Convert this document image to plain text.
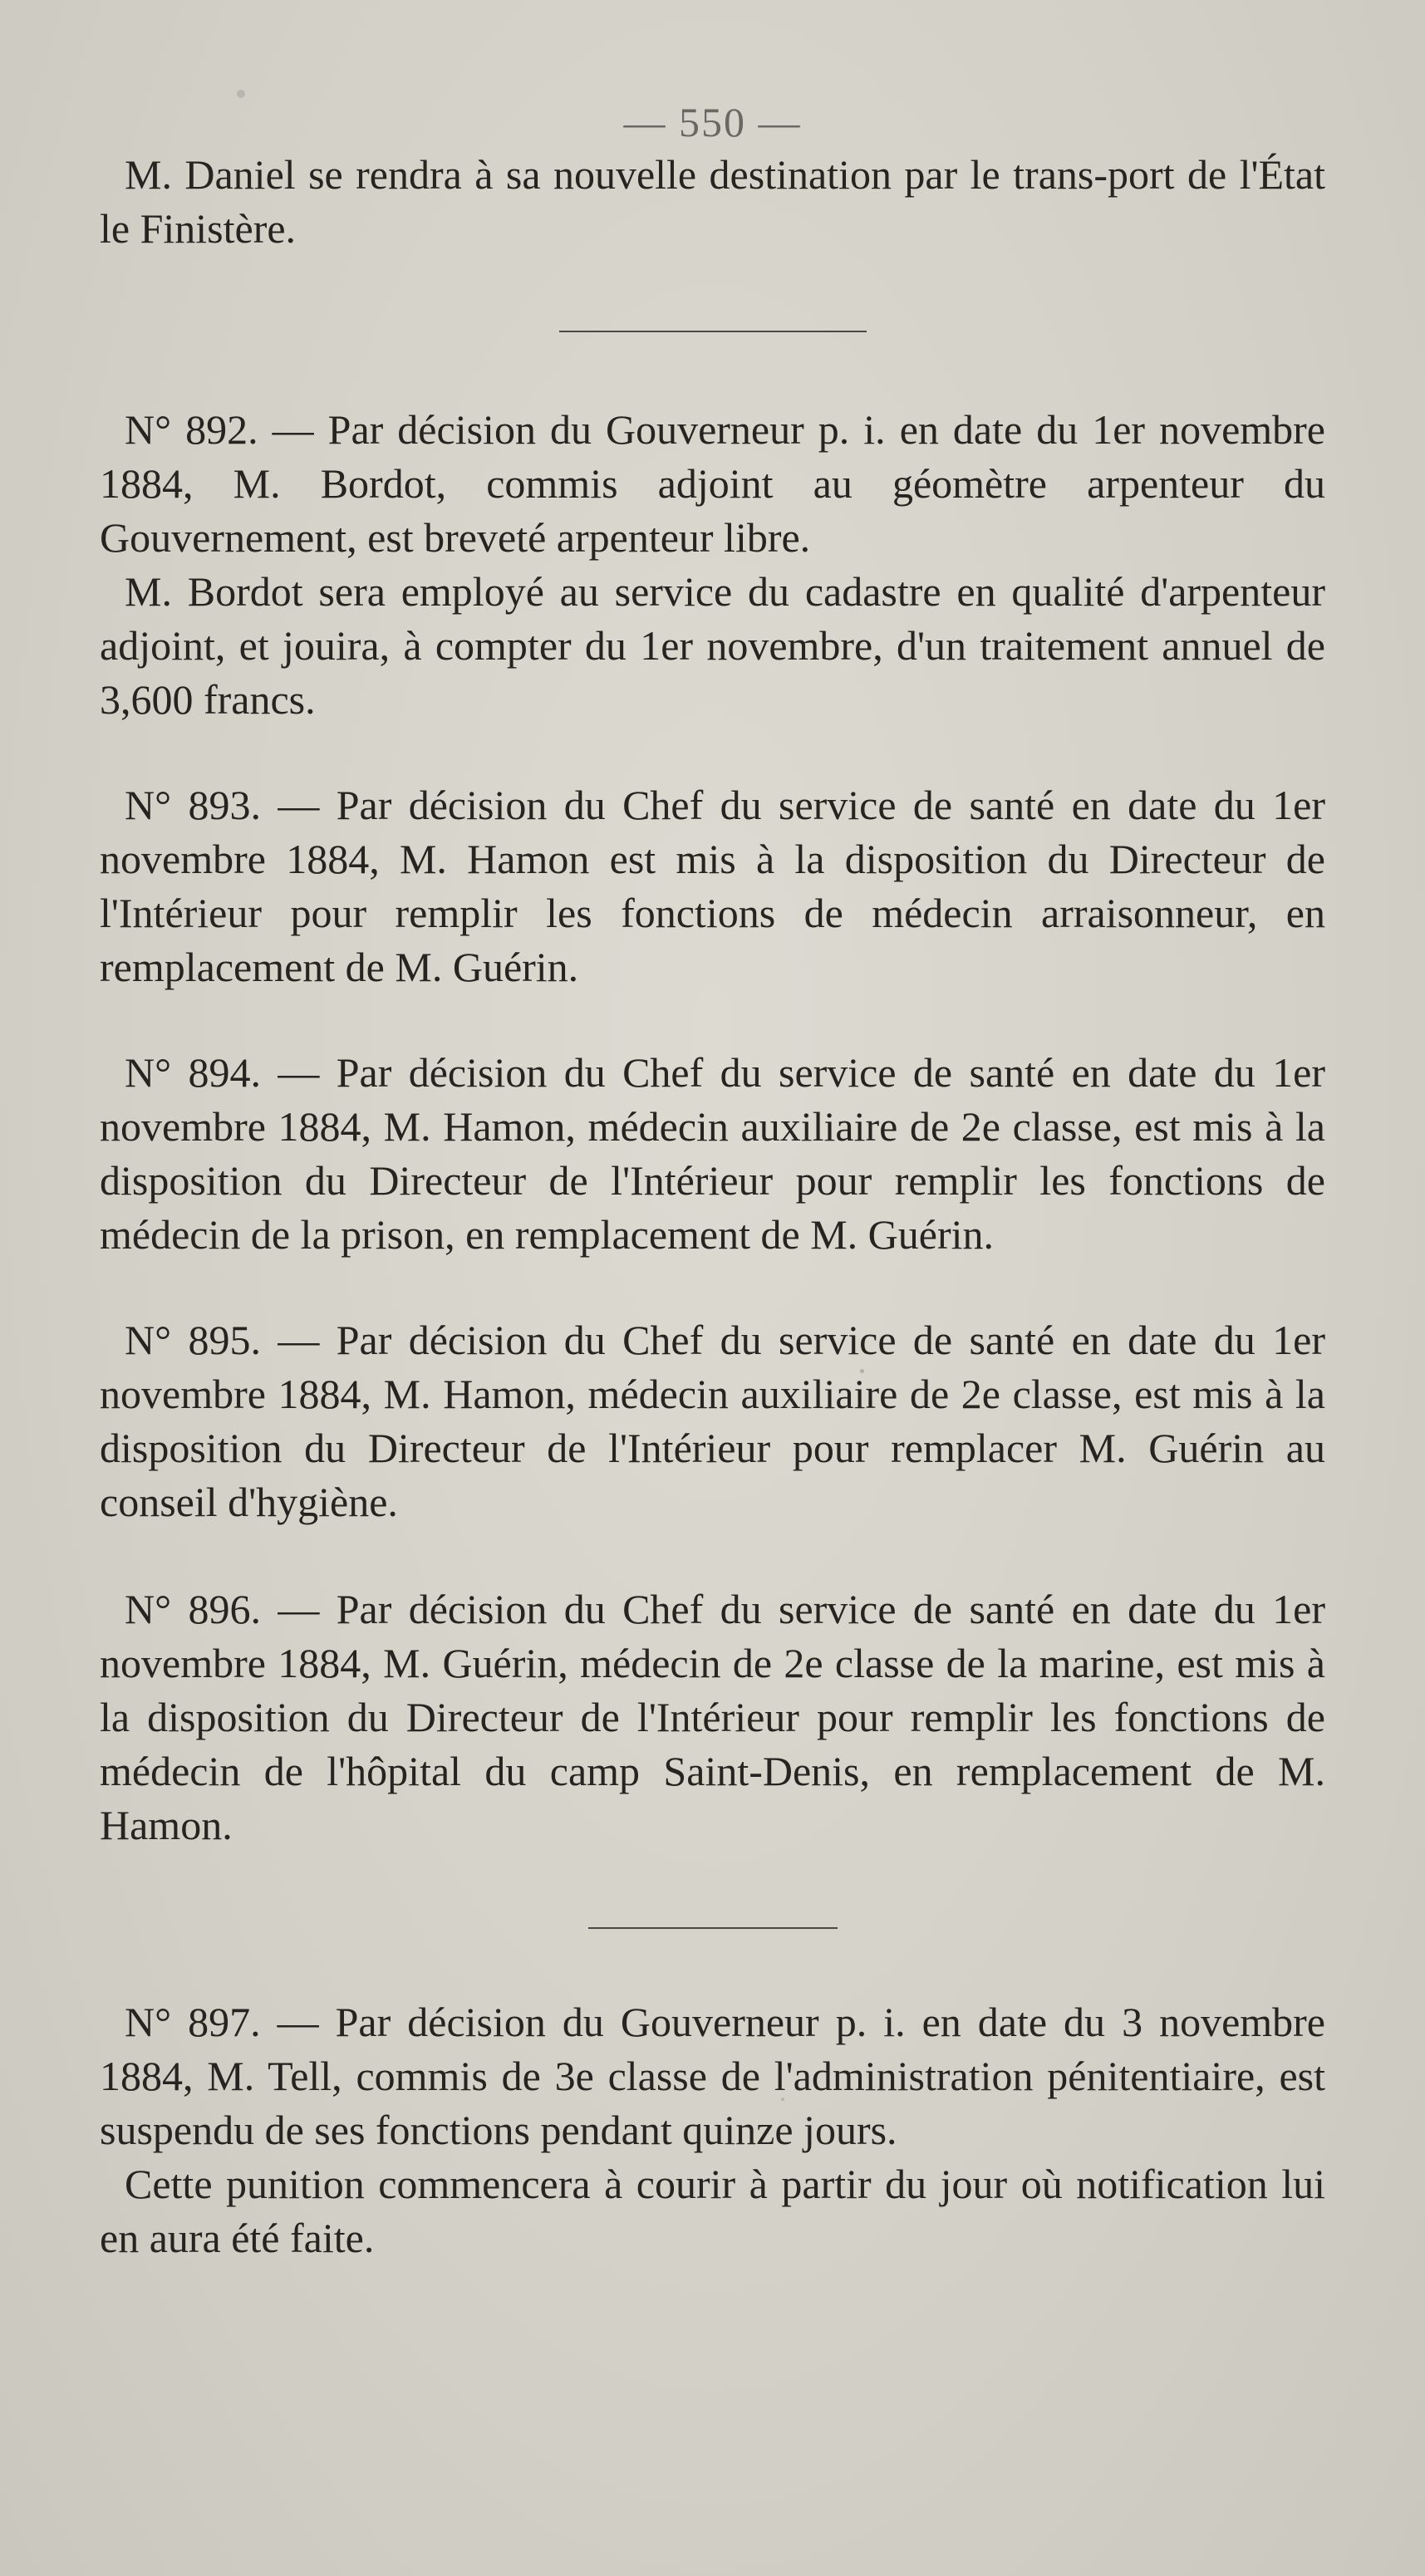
— 550 —

M. Daniel se rendra à sa nouvelle destination par le trans-port de l'État le Finistère.

N° 892. — Par décision du Gouverneur p. i. en date du 1er novembre 1884, M. Bordot, commis adjoint au géomètre arpenteur du Gouvernement, est breveté arpenteur libre.

M. Bordot sera employé au service du cadastre en qualité d'arpenteur adjoint, et jouira, à compter du 1er novembre, d'un traitement annuel de 3,600 francs.

N° 893. — Par décision du Chef du service de santé en date du 1er novembre 1884, M. Hamon est mis à la disposition du Directeur de l'Intérieur pour remplir les fonctions de médecin arraisonneur, en remplacement de M. Guérin.

N° 894. — Par décision du Chef du service de santé en date du 1er novembre 1884, M. Hamon, médecin auxiliaire de 2e classe, est mis à la disposition du Directeur de l'Intérieur pour remplir les fonctions de médecin de la prison, en remplacement de M. Guérin.

N° 895. — Par décision du Chef du service de santé en date du 1er novembre 1884, M. Hamon, médecin auxiliaire de 2e classe, est mis à la disposition du Directeur de l'Intérieur pour remplacer M. Guérin au conseil d'hygiène.

N° 896. — Par décision du Chef du service de santé en date du 1er novembre 1884, M. Guérin, médecin de 2e classe de la marine, est mis à la disposition du Directeur de l'Intérieur pour remplir les fonctions de médecin de l'hôpital du camp Saint-Denis, en remplacement de M. Hamon.

N° 897. — Par décision du Gouverneur p. i. en date du 3 novembre 1884, M. Tell, commis de 3e classe de l'administration pénitentiaire, est suspendu de ses fonctions pendant quinze jours.

Cette punition commencera à courir à partir du jour où notification lui en aura été faite.
